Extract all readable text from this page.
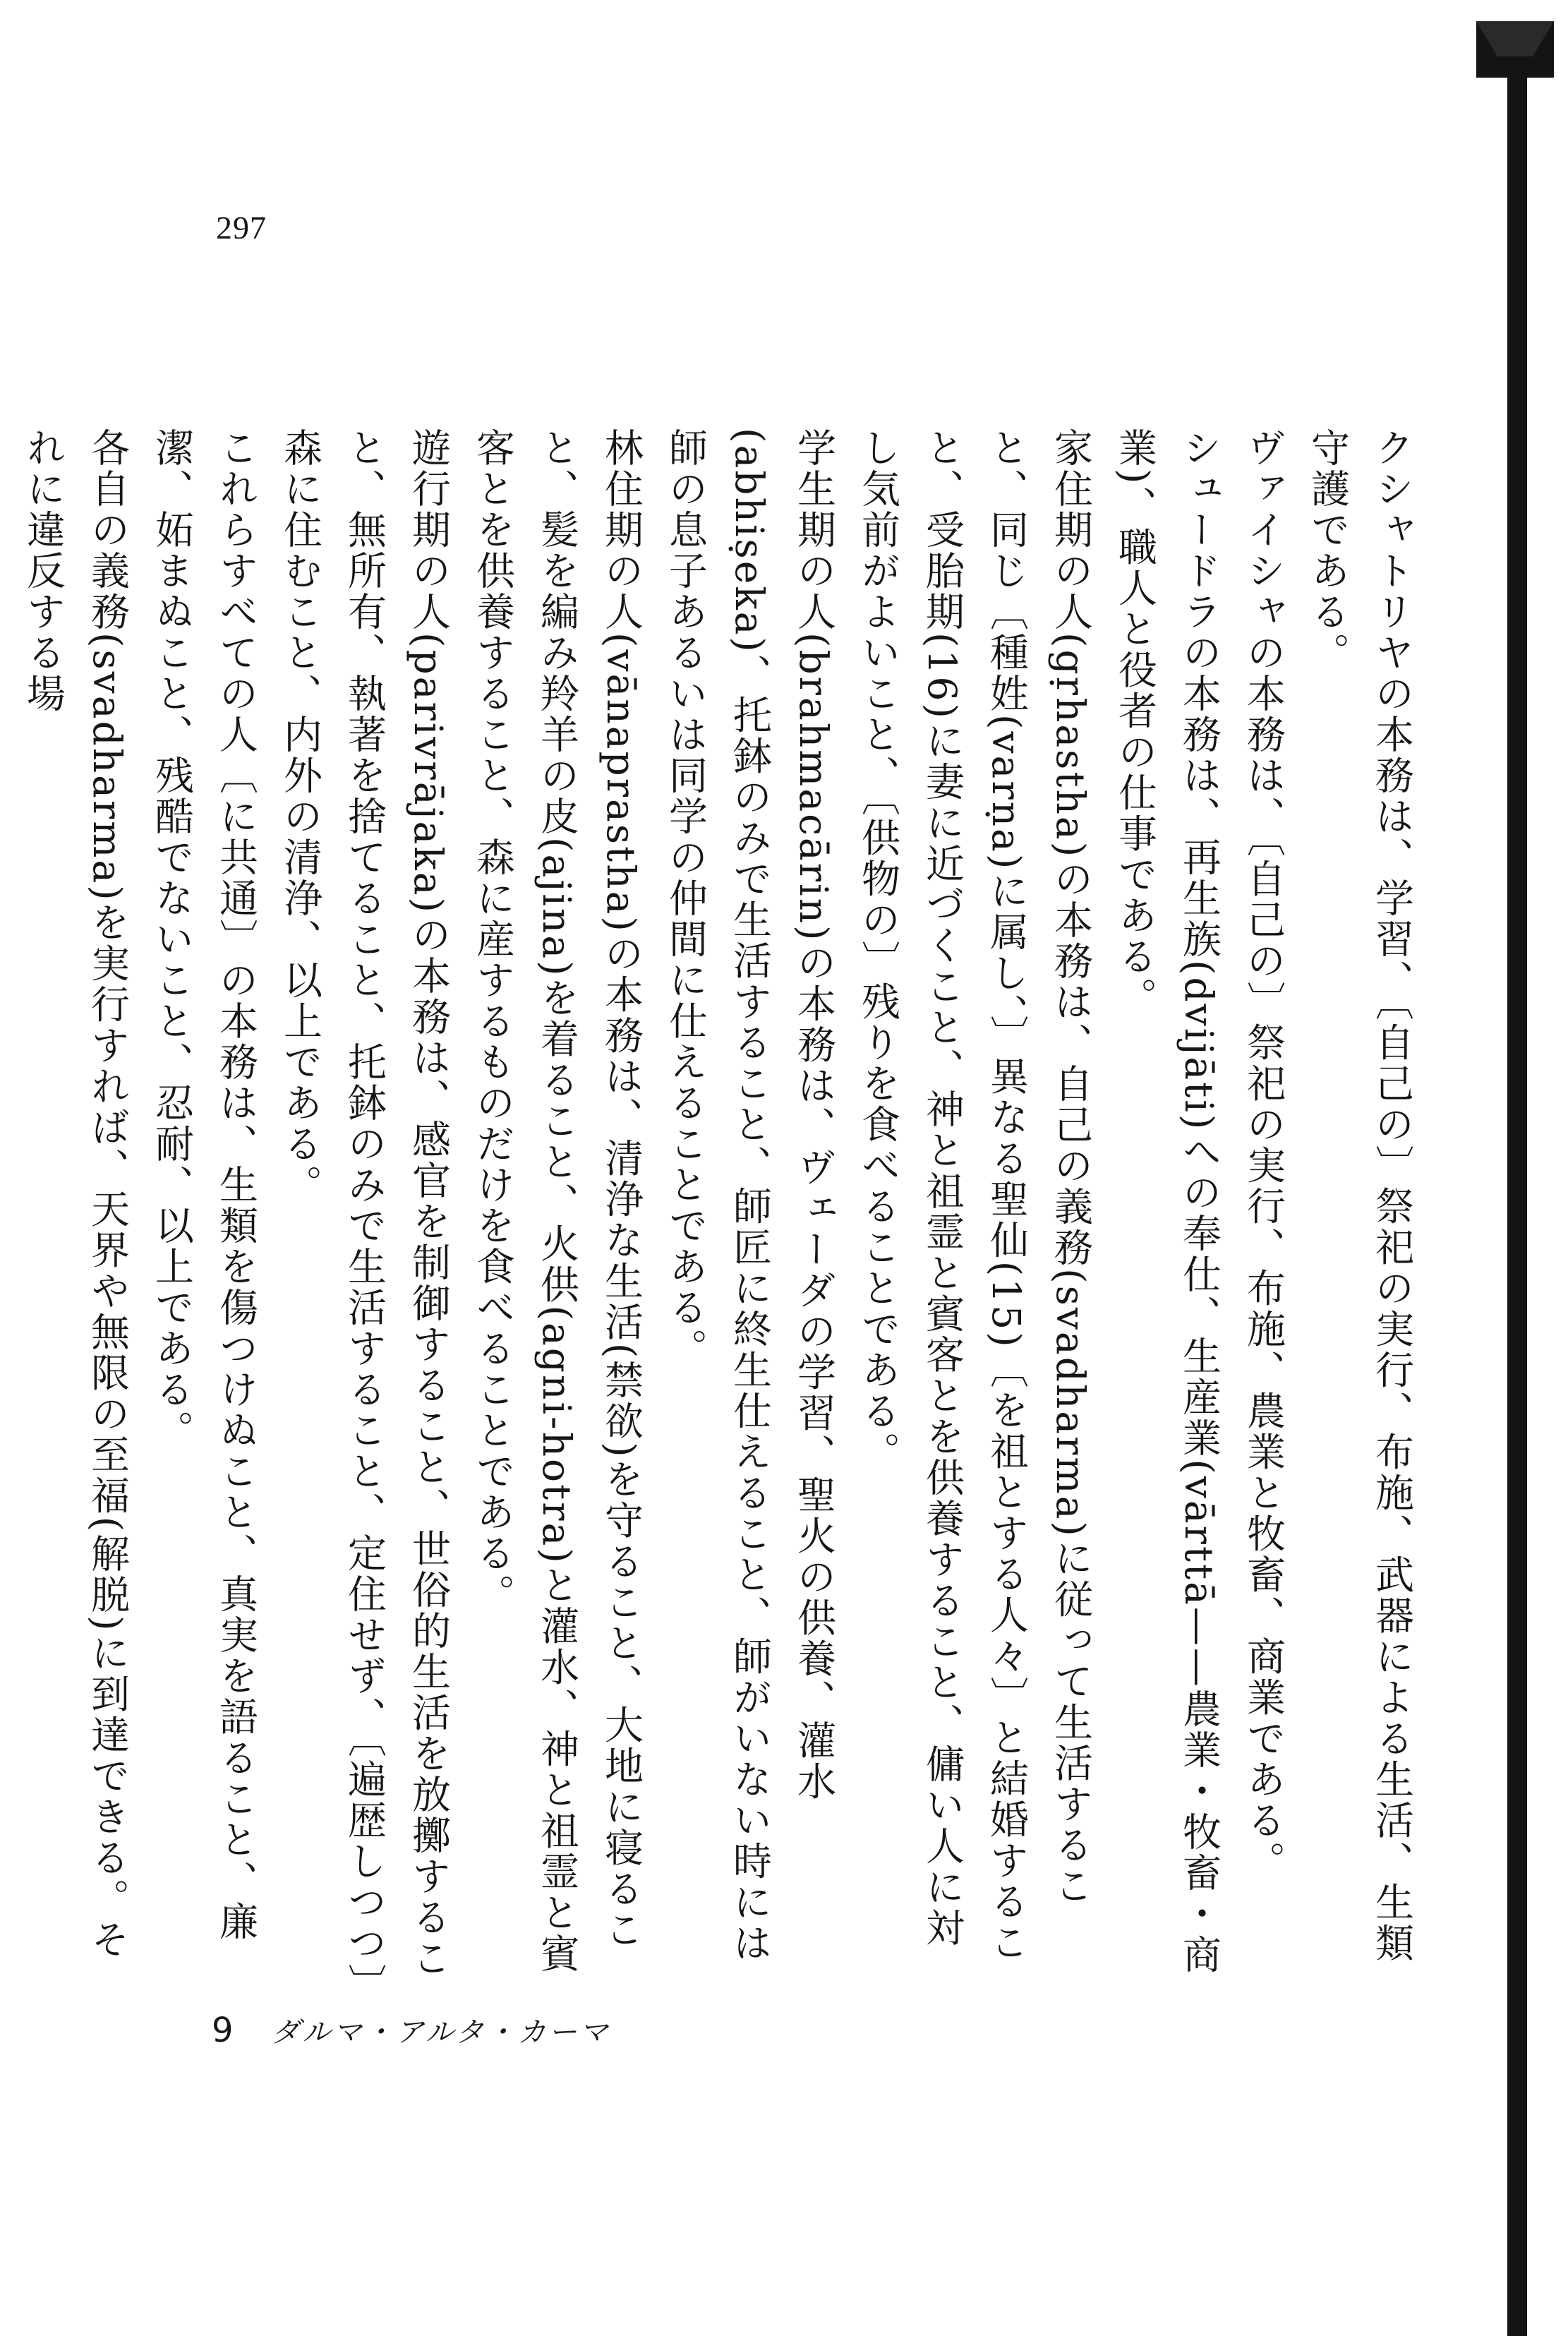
297

クシャトリヤの本務は、学習、〔自己の〕祭祀の実行、布施、武器による生活、生類守護である。

ヴァイシャの本務は、〔自己の〕祭祀の実行、布施、農業と牧畜、商業である。

シュードラの本務は、再生族(dvijāti)への奉仕、生産業(vārttā——農業・牧畜・商業)、職人と役者の仕事である。

家住期の人(gṛhastha)の本務は、自己の義務(svadharma)に従って生活すること、同じ〔種姓(varṇa)に属し、〕異なる聖仙(15)〔を祖とする人々〕と結婚すること、受胎期(16)に妻に近づくこと、神と祖霊と賓客とを供養すること、傭い人に対し気前がよいこと、〔供物の〕残りを食べることである。

学生期の人(brahmacārin)の本務は、ヴェーダの学習、聖火の供養、灌水(abhiṣeka)、托鉢のみで生活すること、師匠に終生仕えること、師がいない時には師の息子あるいは同学の仲間に仕えることである。

林住期の人(vānaprastha)の本務は、清浄な生活(禁欲)を守ること、大地に寝ること、髪を編み羚羊の皮(ajina)を着ること、火供(agni-hotra)と灌水、神と祖霊と賓客とを供養すること、森に産するものだけを食べることである。

遊行期の人(parivrājaka)の本務は、感官を制御すること、世俗的生活を放擲すること、無所有、執著を捨てること、托鉢のみで生活すること、定住せず、〔遍歴しつつ〕森に住むこと、内外の清浄、以上である。

これらすべての人〔に共通〕の本務は、生類を傷つけぬこと、真実を語ること、廉潔、妬まぬこと、残酷でないこと、忍耐、以上である。

各自の義務(svadharma)を実行すれば、天界や無限の至福(解脱)に到達できる。それに違反する場

9 ダルマ・アルタ・カーマ
